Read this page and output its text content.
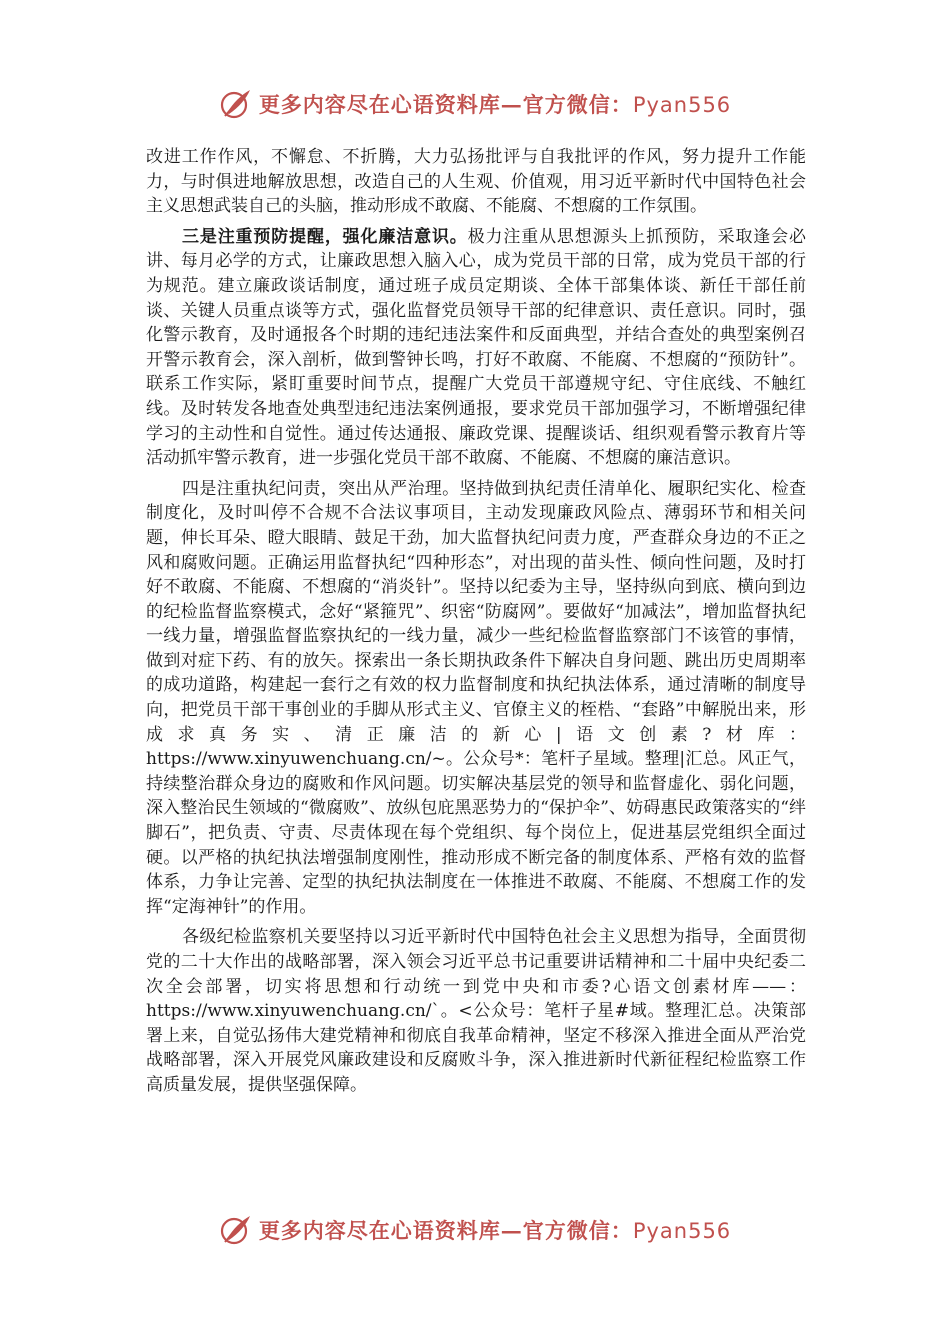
更多内容尽在心语资料库—官方微信：Pyan556

改进工作作风，不懈怠、不折腾，大力弘扬批评与自我批评的作风，努力提升工作能力，与时俱进地解放思想，改造自己的人生观、价值观，用习近平新时代中国特色社会主义思想武装自己的头脑，推动形成不敢腐、不能腐、不想腐的工作氛围。

三是注重预防提醒，强化廉洁意识。极力注重从思想源头上抓预防，采取逢会必讲、每月必学的方式，让廉政思想入脑入心，成为党员干部的日常，成为党员干部的行为规范。建立廉政谈话制度，通过班子成员定期谈、全体干部集体谈、新任干部任前谈、关键人员重点谈等方式，强化监督党员领导干部的纪律意识、责任意识。同时，强化警示教育，及时通报各个时期的违纪违法案件和反面典型，并结合查处的典型案例召开警示教育会，深入剖析，做到警钟长鸣，打好不敢腐、不能腐、不想腐的“预防针”。联系工作实际，紧盯重要时间节点，提醒广大党员干部遵规守纪、守住底线、不触红线。及时转发各地查处典型违纪违法案例通报，要求党员干部加强学习，不断增强纪律学习的主动性和自觉性。通过传达通报、廉政党课、提醒谈话、组织观看警示教育片等活动抓牢警示教育，进一步强化党员干部不敢腐、不能腐、不想腐的廉洁意识。

四是注重执纪问责，突出从严治理。坚持做到执纪责任清单化、履职纪实化、检查制度化，及时叫停不合规不合法议事项目，主动发现廉政风险点、薄弱环节和相关问题，伸长耳朵、瞪大眼睛、鼓足干劲，加大监督执纪问责力度，严查群众身边的不正之风和腐败问题。正确运用监督执纪“四种形态”，对出现的苗头性、倾向性问题，及时打好不敢腐、不能腐、不想腐的“消炎针”。坚持以纪委为主导，坚持纵向到底、横向到边的纪检监督监察模式，念好“紧箍咒”、织密“防腐网”。要做好“加减法”，增加监督执纪一线力量，增强监督监察执纪的一线力量，减少一些纪检监督监察部门不该管的事情，做到对症下药、有的放矢。探索出一条长期执政条件下解决自身问题、跳出历史周期率的成功道路，构建起一套行之有效的权力监督制度和执纪执法体系，通过清晰的制度导向，把党员干部干事创业的手脚从形式主义、官僚主义的桎梏、“套路”中解脱出来，形成求真务实、清正廉洁的新心|语文创素?材库：https://www.xinyuwenchuang.cn/~。公众号*：笔杆子星域。整理|汇总。风正气，持续整治群众身边的腐败和作风问题。切实解决基层党的领导和监督虚化、弱化问题，深入整治民生领域的“微腐败”、放纵包庇黑恶势力的“保护伞”、妨碍惠民政策落实的“绊脚石”，把负责、守责、尽责体现在每个党组织、每个岗位上，促进基层党组织全面过硬。以严格的执纪执法增强制度刚性，推动形成不断完备的制度体系、严格有效的监督体系，力争让完善、定型的执纪执法制度在一体推进不敢腐、不能腐、不想腐工作的发挥“定海神针”的作用。

各级纪检监察机关要坚持以习近平新时代中国特色社会主义思想为指导，全面贯彻党的二十大作出的战略部署，深入领会习近平总书记重要讲话精神和二十届中央纪委二次全会部署，切实将思想和行动统一到党中央和市委?心语文创素材库——：https://www.xinyuwenchuang.cn/`。<公众号：笔杆子星#域。整理汇总。决策部署上来，自觉弘扬伟大建党精神和彻底自我革命精神，坚定不移深入推进全面从严治党战略部署，深入开展党风廉政建设和反腐败斗争，深入推进新时代新征程纪检监察工作高质量发展，提供坚强保障。

更多内容尽在心语资料库—官方微信：Pyan556
